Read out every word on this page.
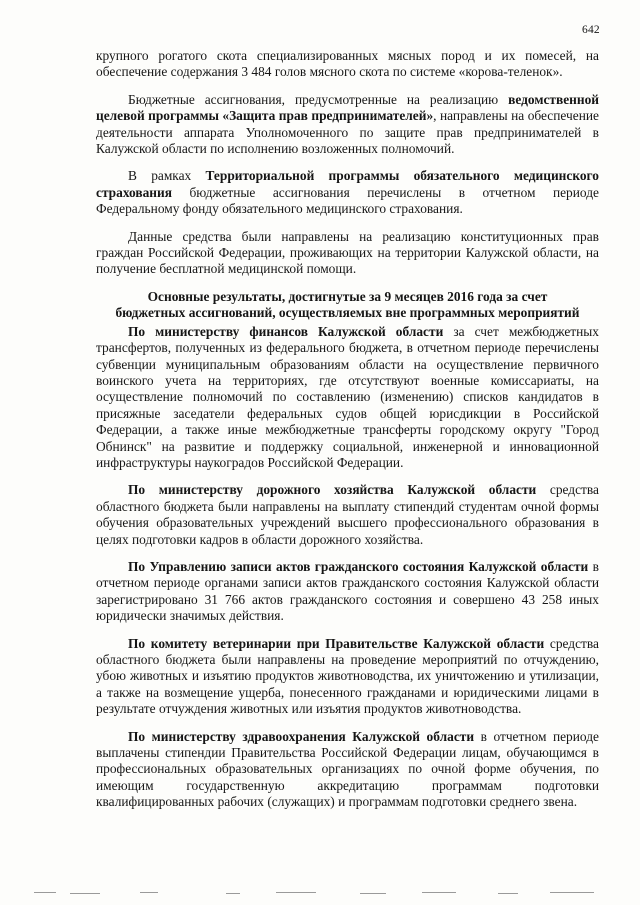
642

крупного рогатого скота специализированных мясных пород и их помесей, на обеспечение содержания 3 484 голов мясного скота по системе «корова-теленок».

Бюджетные ассигнования, предусмотренные на реализацию ведомственной целевой программы «Защита прав предпринимателей», направлены на обеспечение деятельности аппарата Уполномоченного по защите прав предпринимателей в Калужской области по исполнению возложенных полномочий.

В рамках Территориальной программы обязательного медицинского страхования бюджетные ассигнования перечислены в отчетном периоде Федеральному фонду обязательного медицинского страхования.

Данные средства были направлены на реализацию конституционных прав граждан Российской Федерации, проживающих на территории Калужской области, на получение бесплатной медицинской помощи.

Основные результаты, достигнутые за 9 месяцев 2016 года за счет
бюджетных ассигнований, осуществляемых вне программных мероприятий

По министерству финансов Калужской области за счет межбюджетных трансфертов, полученных из федерального бюджета, в отчетном периоде перечислены субвенции муниципальным образованиям области на осуществление первичного воинского учета на территориях, где отсутствуют военные комиссариаты, на осуществление полномочий по составлению (изменению) списков кандидатов в присяжные заседатели федеральных судов общей юрисдикции в Российской Федерации, а также иные межбюджетные трансферты городскому округу "Город Обнинск" на развитие и поддержку социальной, инженерной и инновационной инфраструктуры наукоградов Российской Федерации.

По министерству дорожного хозяйства Калужской области средства областного бюджета были направлены на выплату стипендий студентам очной формы обучения образовательных учреждений высшего профессионального образования в целях подготовки кадров в области дорожного хозяйства.

По Управлению записи актов гражданского состояния Калужской области в отчетном периоде органами записи актов гражданского состояния Калужской области зарегистрировано 31 766 актов гражданского состояния и совершено 43 258 иных юридически значимых действия.

По комитету ветеринарии при Правительстве Калужской области средства областного бюджета были направлены на проведение мероприятий по отчуждению, убою животных и изъятию продуктов животноводства, их уничтожению и утилизации, а также на возмещение ущерба, понесенного гражданами и юридическими лицами в результате отчуждения животных или изъятия продуктов животноводства.

По министерству здравоохранения Калужской области в отчетном периоде выплачены стипендии Правительства Российской Федерации лицам, обучающимся в профессиональных образовательных организациях по очной форме обучения, по имеющим государственную аккредитацию программам подготовки квалифицированных рабочих (служащих) и программам подготовки среднего звена.
